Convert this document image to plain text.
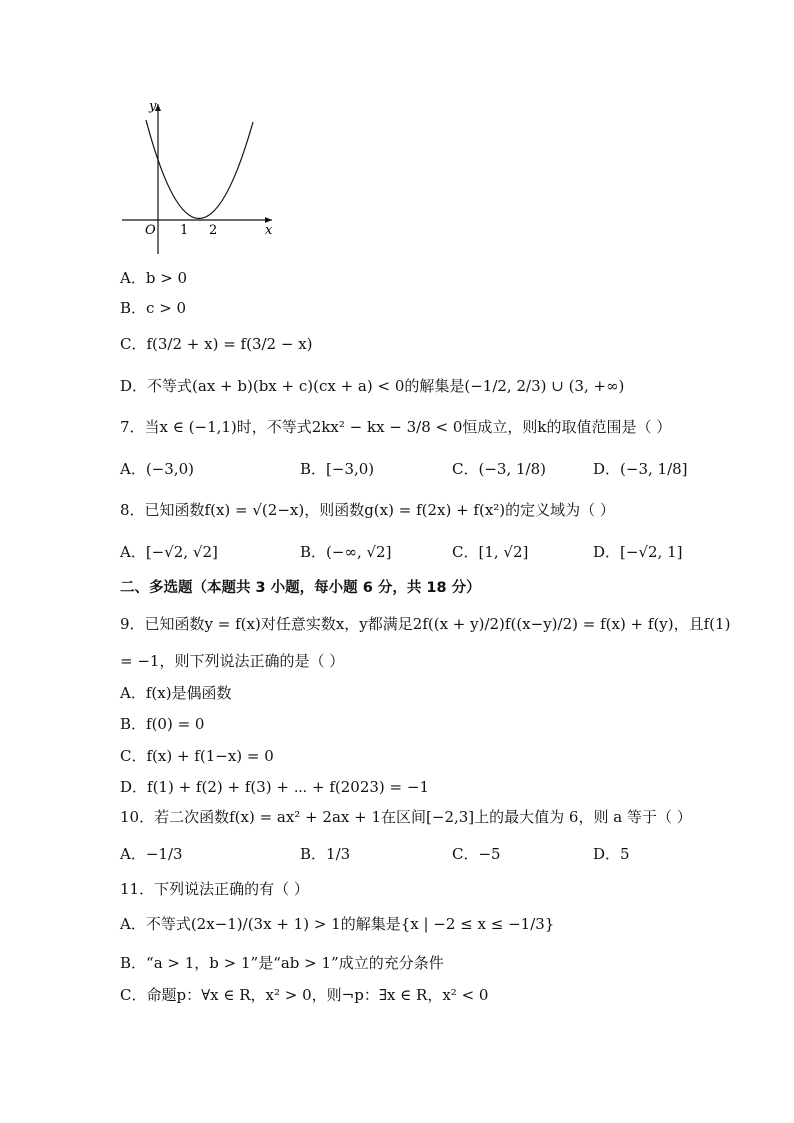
y
x
O 1 2
A．b > 0
B．c > 0
C．f(3/2 + x) = f(3/2 − x)
D．不等式(ax + b)(bx + c)(cx + a) < 0的解集是(−1/2, 2/3) ∪ (3, +∞)
7．当x ∈ (−1,1)时，不等式2kx² − kx − 3/8 < 0恒成立，则k的取值范围是（ ）
A．(−3,0)	B．[−3,0)	C．(−3, 1/8)	D．(−3, 1/8]
8．已知函数f(x) = √(2−x)，则函数g(x) = f(2x) + f(x²)的定义域为（ ）
A．[−√2, √2]	B．(−∞, √2]	C．[1, √2]	D．[−√2, 1]
二、多选题（本题共 3 小题，每小题 6 分，共 18 分）
9．已知函数y = f(x)对任意实数x，y都满足2f((x + y)/2)f((x−y)/2) = f(x) + f(y)，且f(1)
= −1，则下列说法正确的是（ ）
A．f(x)是偶函数
B．f(0) = 0
C．f(x) + f(1−x) = 0
D．f(1) + f(2) + f(3) + ⋯ + f(2023) = −1
10．若二次函数f(x) = ax² + 2ax + 1在区间[−2,3]上的最大值为 6，则 a 等于（ ）
A．−1/3	B．1/3	C．−5	D．5
11．下列说法正确的有（ ）
A．不等式(2x−1)/(3x + 1) > 1的解集是{x | −2 ≤ x ≤ −1/3}
B．“a > 1，b > 1”是“ab > 1”成立的充分条件
C．命题p：∀x ∈ R，x² > 0，则¬p：∃x ∈ R，x² < 0
